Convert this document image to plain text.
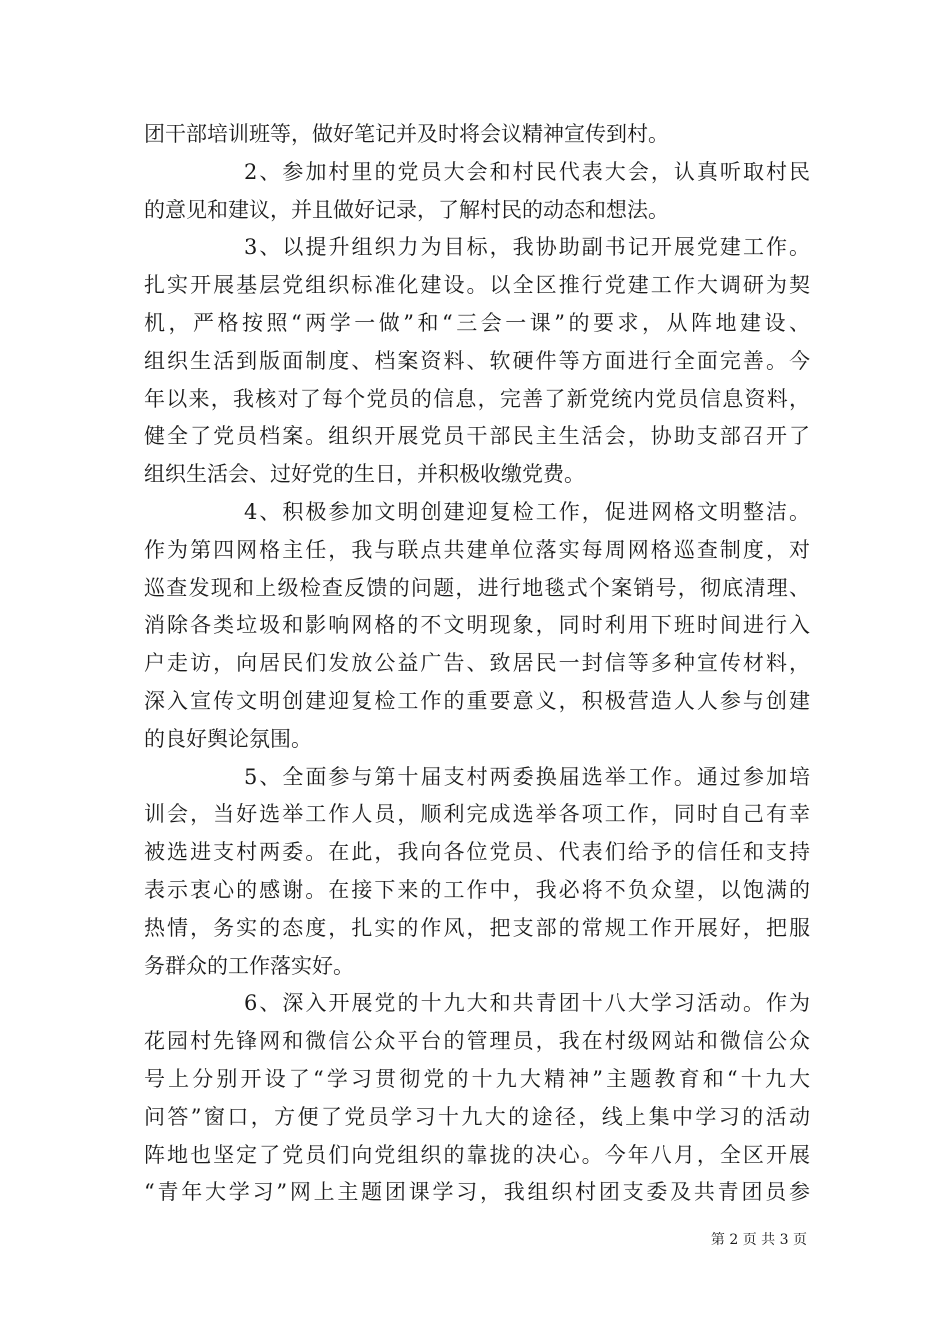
团干部培训班等，做好笔记并及时将会议精神宣传到村。
2、参加村里的党员大会和村民代表大会，认真听取村民
的意见和建议，并且做好记录，了解村民的动态和想法。
3、以提升组织力为目标，我协助副书记开展党建工作。
扎实开展基层党组织标准化建设。以全区推行党建工作大调研为契
机，严格按照“两学一做”和“三会一课”的要求，从阵地建设、
组织生活到版面制度、档案资料、软硬件等方面进行全面完善。今
年以来，我核对了每个党员的信息，完善了新党统内党员信息资料，
健全了党员档案。组织开展党员干部民主生活会，协助支部召开了
组织生活会、过好党的生日，并积极收缴党费。
4、积极参加文明创建迎复检工作，促进网格文明整洁。
作为第四网格主任，我与联点共建单位落实每周网格巡查制度，对
巡查发现和上级检查反馈的问题，进行地毯式个案销号，彻底清理、
消除各类垃圾和影响网格的不文明现象，同时利用下班时间进行入
户走访，向居民们发放公益广告、致居民一封信等多种宣传材料，
深入宣传文明创建迎复检工作的重要意义，积极营造人人参与创建
的良好舆论氛围。
5、全面参与第十届支村两委换届选举工作。通过参加培
训会，当好选举工作人员，顺利完成选举各项工作，同时自己有幸
被选进支村两委。在此，我向各位党员、代表们给予的信任和支持
表示衷心的感谢。在接下来的工作中，我必将不负众望，以饱满的
热情，务实的态度，扎实的作风，把支部的常规工作开展好，把服
务群众的工作落实好。
6、深入开展党的十九大和共青团十八大学习活动。作为
花园村先锋网和微信公众平台的管理员，我在村级网站和微信公众
号上分别开设了“学习贯彻党的十九大精神”主题教育和“十九大
问答”窗口，方便了党员学习十九大的途径，线上集中学习的活动
阵地也坚定了党员们向党组织的靠拢的决心。今年八月，全区开展
“青年大学习”网上主题团课学习，我组织村团支委及共青团员参
第 2 页 共 3 页
